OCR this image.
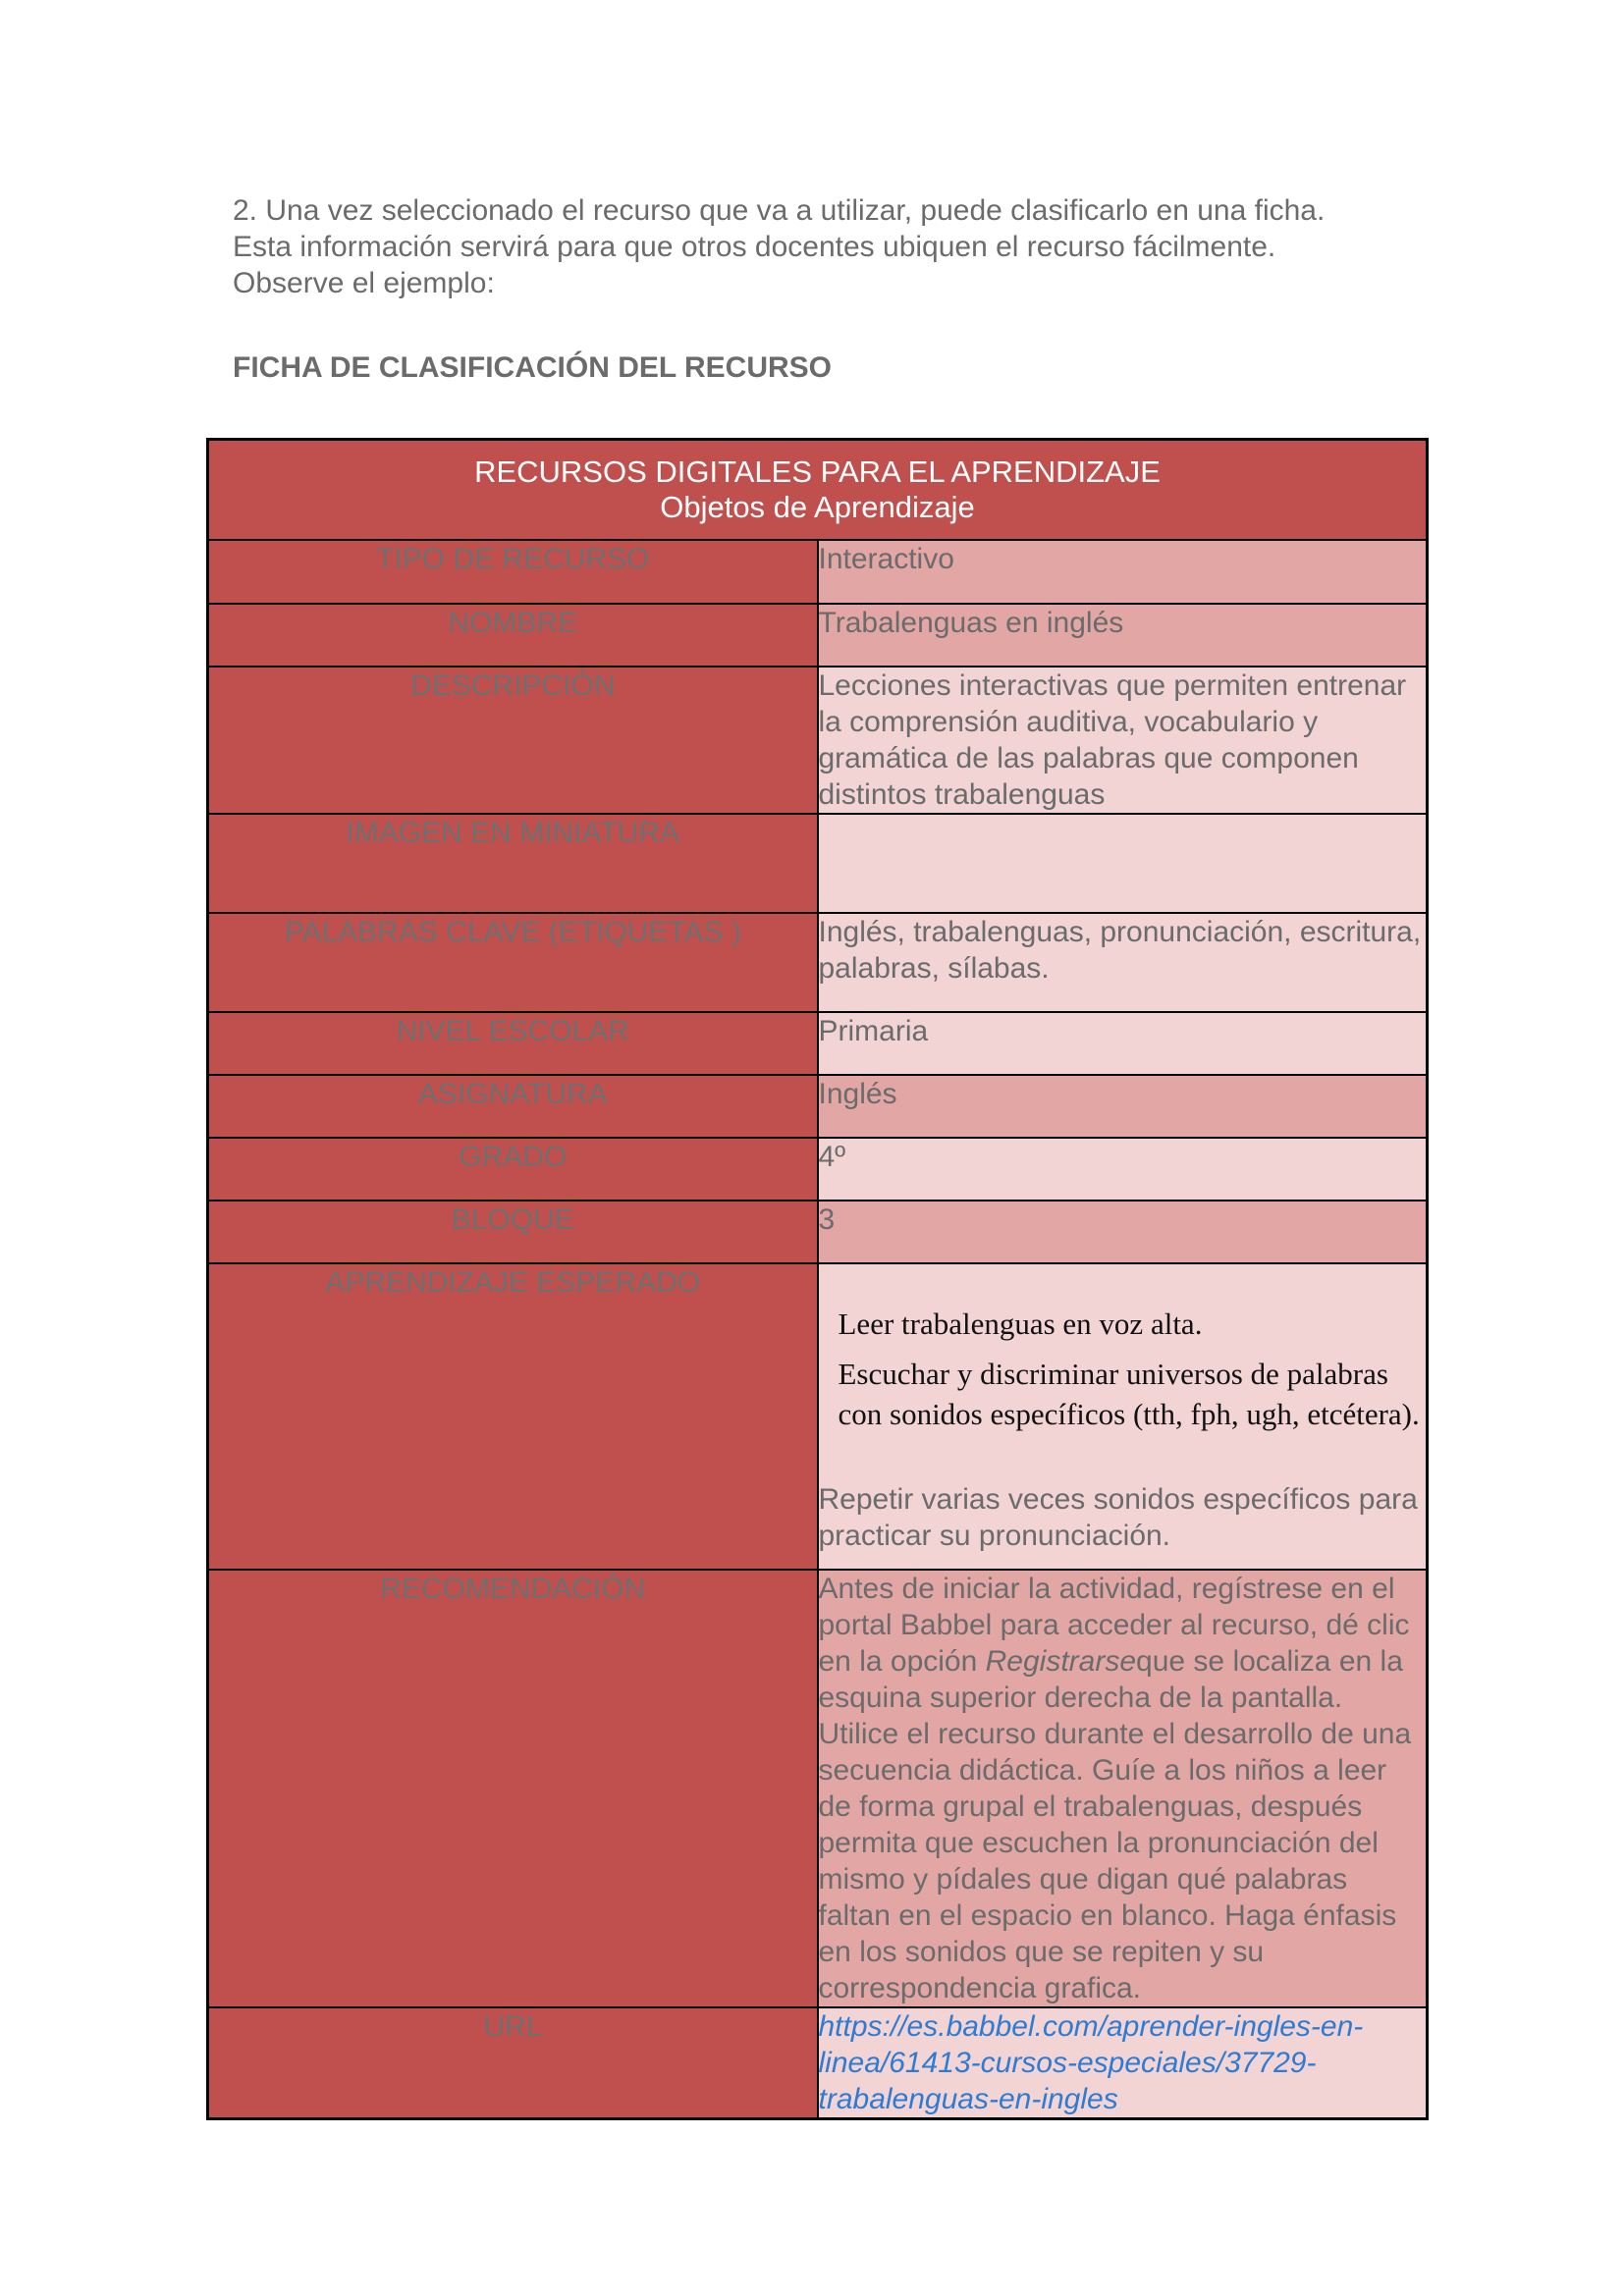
2. Una vez seleccionado el recurso que va a utilizar, puede clasificarlo en una ficha. Esta información servirá para que otros docentes ubiquen el recurso fácilmente. Observe el ejemplo:

FICHA DE CLASIFICACIÓN DEL RECURSO

RECURSOS DIGITALES PARA EL APRENDIZAJE
Objetos de Aprendizaje	

TIPO DE RECURSO	Interactivo
NOMBRE	Trabalenguas en inglés
DESCRIPCIÓN	Lecciones interactivas que permiten entrenar la comprensión auditiva, vocabulario y gramática de las palabras que componen distintos trabalenguas
IMAGEN EN MINIATURA	
PALABRAS CLAVE (ETIQUETAS )	Inglés, trabalenguas, pronunciación, escritura, palabras, sílabas.
NIVEL ESCOLAR	Primaria
ASIGNATURA	Inglés
GRADO	4º
BLOQUE	3
APRENDIZAJE ESPERADO	Leer trabalenguas en voz alta.
Escuchar y discriminar universos de palabras con sonidos específicos (tth, fph, ugh, etcétera).
Repetir varias veces sonidos específicos para practicar su pronunciación.

RECOMENDACIÓN	Antes de iniciar la actividad, regístrese en el portal Babbel para acceder al recurso, dé clic en la opción Registrarseque se localiza en la esquina superior derecha de la pantalla. Utilice el recurso durante el desarrollo de una secuencia didáctica. Guíe a los niños a leer de forma grupal el trabalenguas, después permita que escuchen la pronunciación del mismo y pídales que digan qué palabras faltan en el espacio en blanco. Haga énfasis en los sonidos que se repiten y su correspondencia grafica.
URL	https://es.babbel.com/aprender-ingles-en-linea/61413-cursos-especiales/37729-trabalenguas-en-ingles
